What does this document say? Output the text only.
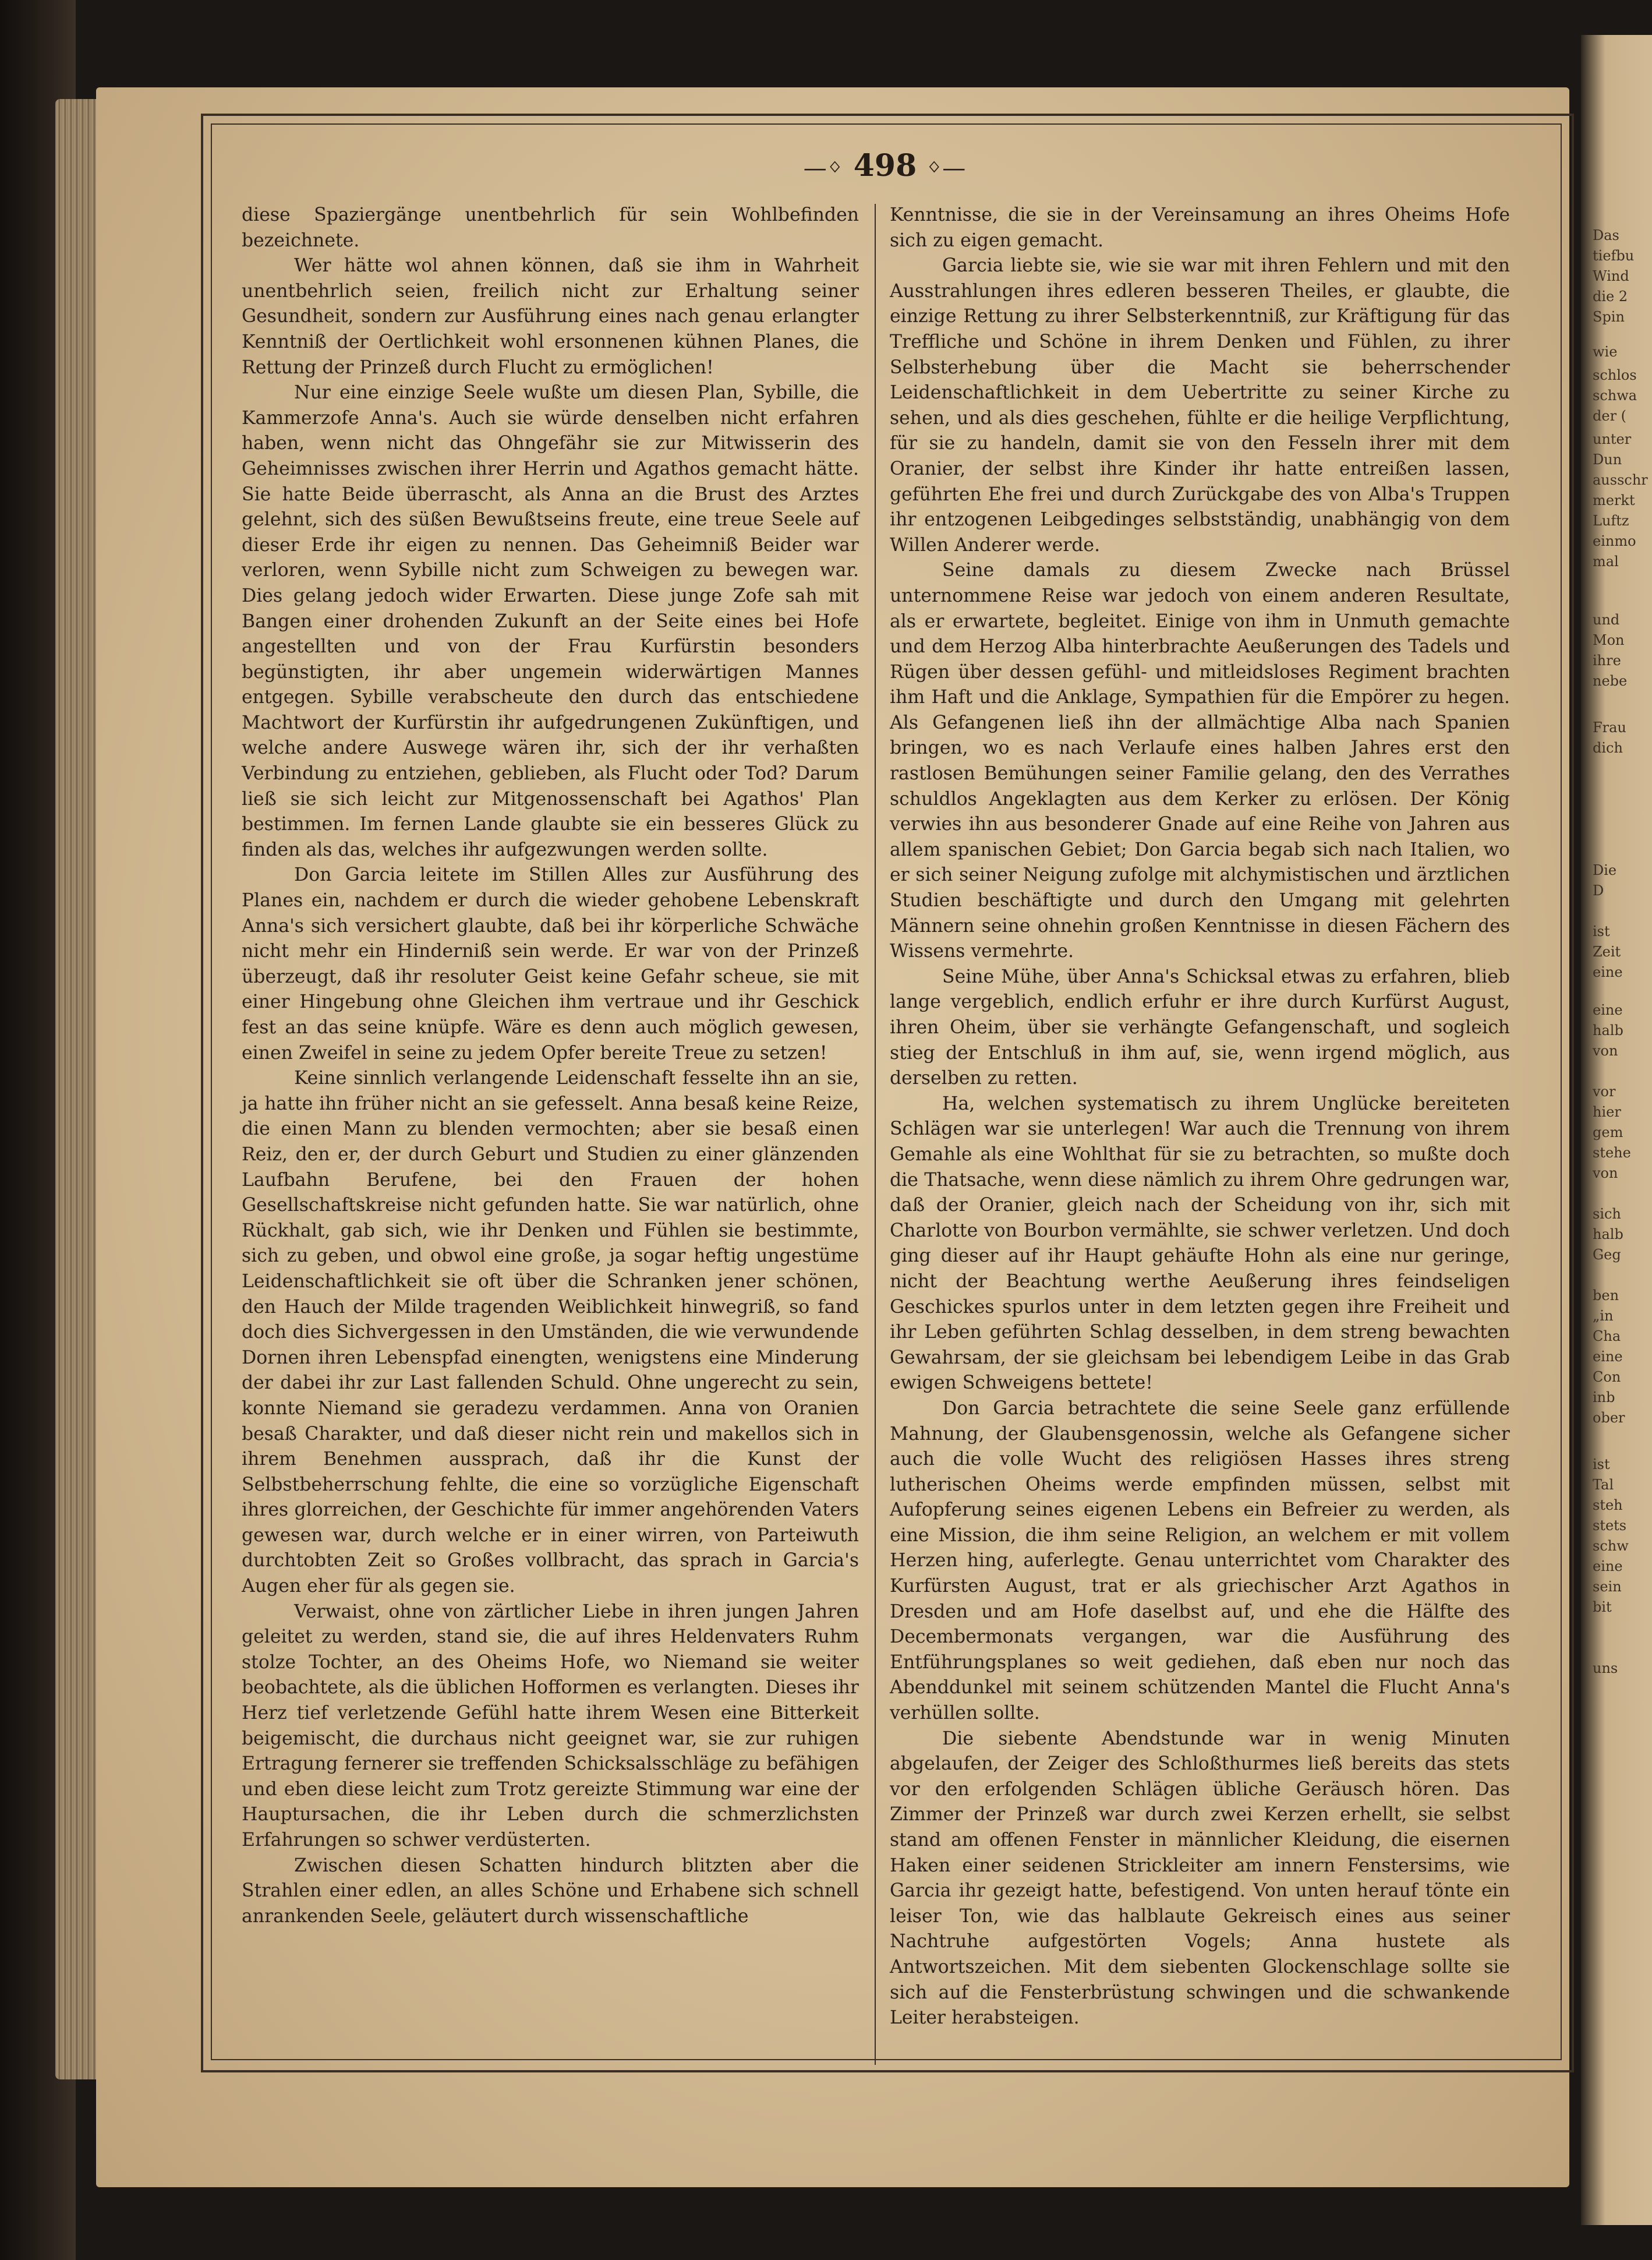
Das
tiefbu
Wind
die 2
Spin
wie
schlos
schwa
der (
unter
Dun
ausschr
merkt
Luftz
einmo
mal
und
Mon
ihre
nebe
Frau
dich
Die
D
ist
Zeit
eine
eine
halb
von
vor
hier
gem
stehe
von
sich
halb
Geg
ben
„in
Cha
eine
Con
inb
ober
ist
Tal
steh
stets
schw
eine
sein
bit
uns
—ᛜ 498 ᛜ—

diese Spaziergänge unentbehrlich für sein Wohlbefinden bezeichnete.

Wer hätte wol ahnen können, daß sie ihm in Wahrheit unentbehrlich seien, freilich nicht zur Erhaltung seiner Gesundheit, sondern zur Ausführung eines nach genau erlangter Kenntniß der Oertlichkeit wohl ersonnenen kühnen Planes, die Rettung der Prinzeß durch Flucht zu ermöglichen!

Nur eine einzige Seele wußte um diesen Plan, Sybille, die Kammerzofe Anna's. Auch sie würde denselben nicht erfahren haben, wenn nicht das Ohngefähr sie zur Mitwisserin des Geheimnisses zwischen ihrer Herrin und Agathos gemacht hätte. Sie hatte Beide überrascht, als Anna an die Brust des Arztes gelehnt, sich des süßen Bewußtseins freute, eine treue Seele auf dieser Erde ihr eigen zu nennen. Das Geheimniß Beider war verloren, wenn Sybille nicht zum Schweigen zu bewegen war. Dies gelang jedoch wider Erwarten. Diese junge Zofe sah mit Bangen einer drohenden Zukunft an der Seite eines bei Hofe angestellten und von der Frau Kurfürstin besonders begünstigten, ihr aber ungemein widerwärtigen Mannes entgegen. Sybille verabscheute den durch das entschiedene Machtwort der Kurfürstin ihr aufgedrungenen Zukünftigen, und welche andere Auswege wären ihr, sich der ihr verhaßten Verbindung zu entziehen, geblieben, als Flucht oder Tod? Darum ließ sie sich leicht zur Mitgenossenschaft bei Agathos' Plan bestimmen. Im fernen Lande glaubte sie ein besseres Glück zu finden als das, welches ihr aufgezwungen werden sollte.

Don Garcia leitete im Stillen Alles zur Ausführung des Planes ein, nachdem er durch die wieder gehobene Lebenskraft Anna's sich versichert glaubte, daß bei ihr körperliche Schwäche nicht mehr ein Hinderniß sein werde. Er war von der Prinzeß überzeugt, daß ihr resoluter Geist keine Gefahr scheue, sie mit einer Hingebung ohne Gleichen ihm vertraue und ihr Geschick fest an das seine knüpfe. Wäre es denn auch möglich gewesen, einen Zweifel in seine zu jedem Opfer bereite Treue zu setzen!

Keine sinnlich verlangende Leidenschaft fesselte ihn an sie, ja hatte ihn früher nicht an sie gefesselt. Anna besaß keine Reize, die einen Mann zu blenden vermochten; aber sie besaß einen Reiz, den er, der durch Geburt und Studien zu einer glänzenden Laufbahn Berufene, bei den Frauen der hohen Gesellschaftskreise nicht gefunden hatte. Sie war natürlich, ohne Rückhalt, gab sich, wie ihr Denken und Fühlen sie bestimmte, sich zu geben, und obwol eine große, ja sogar heftig ungestüme Leidenschaftlichkeit sie oft über die Schranken jener schönen, den Hauch der Milde tragenden Weiblichkeit hinwegriß, so fand doch dies Sichvergessen in den Umständen, die wie verwundende Dornen ihren Lebenspfad einengten, wenigstens eine Minderung der dabei ihr zur Last fallenden Schuld. Ohne ungerecht zu sein, konnte Niemand sie geradezu verdammen. Anna von Oranien besaß Charakter, und daß dieser nicht rein und makellos sich in ihrem Benehmen aussprach, daß ihr die Kunst der Selbstbeherrschung fehlte, die eine so vorzügliche Eigenschaft ihres glorreichen, der Geschichte für immer angehörenden Vaters gewesen war, durch welche er in einer wirren, von Parteiwuth durchtobten Zeit so Großes vollbracht, das sprach in Garcia's Augen eher für als gegen sie.

Verwaist, ohne von zärtlicher Liebe in ihren jungen Jahren geleitet zu werden, stand sie, die auf ihres Heldenvaters Ruhm stolze Tochter, an des Oheims Hofe, wo Niemand sie weiter beobachtete, als die üblichen Hofformen es verlangten. Dieses ihr Herz tief verletzende Gefühl hatte ihrem Wesen eine Bitterkeit beigemischt, die durchaus nicht geeignet war, sie zur ruhigen Ertragung fernerer sie treffenden Schicksalsschläge zu befähigen und eben diese leicht zum Trotz gereizte Stimmung war eine der Hauptursachen, die ihr Leben durch die schmerzlichsten Erfahrungen so schwer verdüsterten.

Zwischen diesen Schatten hindurch blitzten aber die Strahlen einer edlen, an alles Schöne und Erhabene sich schnell anrankenden Seele, geläutert durch wissenschaftliche

Kenntnisse, die sie in der Vereinsamung an ihres Oheims Hofe sich zu eigen gemacht.

Garcia liebte sie, wie sie war mit ihren Fehlern und mit den Ausstrahlungen ihres edleren besseren Theiles, er glaubte, die einzige Rettung zu ihrer Selbsterkenntniß, zur Kräftigung für das Treffliche und Schöne in ihrem Denken und Fühlen, zu ihrer Selbsterhebung über die Macht sie beherrschender Leidenschaftlichkeit in dem Uebertritte zu seiner Kirche zu sehen, und als dies geschehen, fühlte er die heilige Verpflichtung, für sie zu handeln, damit sie von den Fesseln ihrer mit dem Oranier, der selbst ihre Kinder ihr hatte entreißen lassen, geführten Ehe frei und durch Zurückgabe des von Alba's Truppen ihr entzogenen Leibgedinges selbstständig, unabhängig von dem Willen Anderer werde.

Seine damals zu diesem Zwecke nach Brüssel unternommene Reise war jedoch von einem anderen Resultate, als er erwartete, begleitet. Einige von ihm in Unmuth gemachte und dem Herzog Alba hinterbrachte Aeußerungen des Tadels und Rügen über dessen gefühl- und mitleidsloses Regiment brachten ihm Haft und die Anklage, Sympathien für die Empörer zu hegen. Als Gefangenen ließ ihn der allmächtige Alba nach Spanien bringen, wo es nach Verlaufe eines halben Jahres erst den rastlosen Bemühungen seiner Familie gelang, den des Verrathes schuldlos Angeklagten aus dem Kerker zu erlösen. Der König verwies ihn aus besonderer Gnade auf eine Reihe von Jahren aus allem spanischen Gebiet; Don Garcia begab sich nach Italien, wo er sich seiner Neigung zufolge mit alchymistischen und ärztlichen Studien beschäftigte und durch den Umgang mit gelehrten Männern seine ohnehin großen Kenntnisse in diesen Fächern des Wissens vermehrte.

Seine Mühe, über Anna's Schicksal etwas zu erfahren, blieb lange vergeblich, endlich erfuhr er ihre durch Kurfürst August, ihren Oheim, über sie verhängte Gefangenschaft, und sogleich stieg der Entschluß in ihm auf, sie, wenn irgend möglich, aus derselben zu retten.

Ha, welchen systematisch zu ihrem Unglücke bereiteten Schlägen war sie unterlegen! War auch die Trennung von ihrem Gemahle als eine Wohlthat für sie zu betrachten, so mußte doch die Thatsache, wenn diese nämlich zu ihrem Ohre gedrungen war, daß der Oranier, gleich nach der Scheidung von ihr, sich mit Charlotte von Bourbon vermählte, sie schwer verletzen. Und doch ging dieser auf ihr Haupt gehäufte Hohn als eine nur geringe, nicht der Beachtung werthe Aeußerung ihres feindseligen Geschickes spurlos unter in dem letzten gegen ihre Freiheit und ihr Leben geführten Schlag desselben, in dem streng bewachten Gewahrsam, der sie gleichsam bei lebendigem Leibe in das Grab ewigen Schweigens bettete!

Don Garcia betrachtete die seine Seele ganz erfüllende Mahnung, der Glaubensgenossin, welche als Gefangene sicher auch die volle Wucht des religiösen Hasses ihres streng lutherischen Oheims werde empfinden müssen, selbst mit Aufopferung seines eigenen Lebens ein Befreier zu werden, als eine Mission, die ihm seine Religion, an welchem er mit vollem Herzen hing, auferlegte. Genau unterrichtet vom Charakter des Kurfürsten August, trat er als griechischer Arzt Agathos in Dresden und am Hofe daselbst auf, und ehe die Hälfte des Decembermonats vergangen, war die Ausführung des Entführungsplanes so weit gediehen, daß eben nur noch das Abenddunkel mit seinem schützenden Mantel die Flucht Anna's verhüllen sollte.

Die siebente Abendstunde war in wenig Minuten abgelaufen, der Zeiger des Schloßthurmes ließ bereits das stets vor den erfolgenden Schlägen übliche Geräusch hören. Das Zimmer der Prinzeß war durch zwei Kerzen erhellt, sie selbst stand am offenen Fenster in männlicher Kleidung, die eisernen Haken einer seidenen Strickleiter am innern Fenstersims, wie Garcia ihr gezeigt hatte, befestigend. Von unten herauf tönte ein leiser Ton, wie das halblaute Gekreisch eines aus seiner Nachtruhe aufgestörten Vogels; Anna hustete als Antwortszeichen. Mit dem siebenten Glockenschlage sollte sie sich auf die Fensterbrüstung schwingen und die schwankende Leiter herabsteigen.
